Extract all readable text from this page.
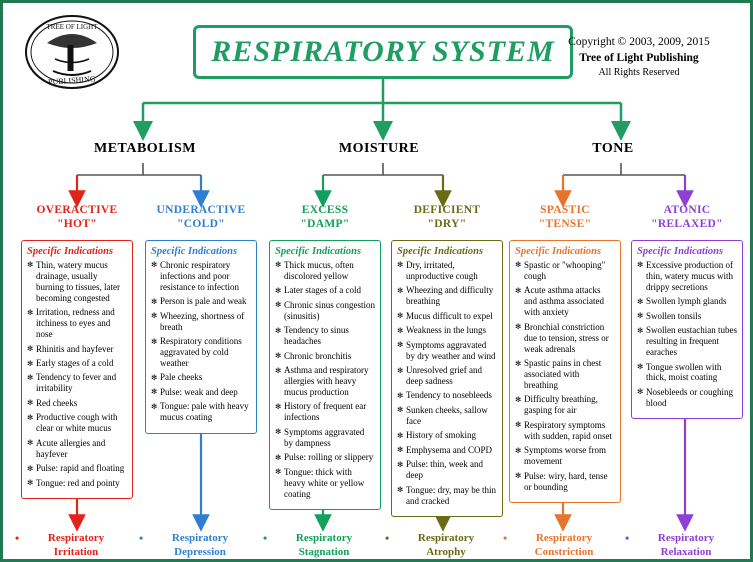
TREE OF LIGHT
PUBLISHING
RESPIRATORY SYSTEM	Copyright © 2003, 2009, 2015
Tree of Light Publishing
All Rights Reserved
METABOLISM	MOISTURE	TONE
OVERACTIVE
"HOT"
Specific Indications
✻ Thin, watery mucus drainage, usually burning to tissues, later becoming congested
✻ Irritation, redness and itchiness to eyes and nose
✻ Rhinitis and hayfever
✻ Early stages of a cold
✻ Tendency to fever and irritability
✻ Red cheeks
✻ Productive cough with clear or white mucus
✻ Acute allergies and hayfever
✻ Pulse: rapid and floating
✻ Tongue: red and pointy
UNDERACTIVE
"COLD"
Specific Indications
✻ Chronic respiratory infections and poor resistance to infection
✻ Person is pale and weak
✻ Wheezing, shortness of breath
✻ Respiratory conditions aggravated by cold weather
✻ Pale cheeks
✻ Pulse: weak and deep
✻ Tongue: pale with heavy mucus coating
EXCESS
"DAMP"
Specific Indications
✻ Thick mucus, often discolored yellow
✻ Later stages of a cold
✻ Chronic sinus congestion (sinusitis)
✻ Tendency to sinus headaches
✻ Chronic bronchitis
✻ Asthma and respiratory allergies with heavy mucus production
✻ History of frequent ear infections
✻ Symptoms aggravated by dampness
✻ Pulse: rolling or slippery
✻ Tongue: thick with heavy white or yellow coating
DEFICIENT
"DRY"
Specific Indications
✻ Dry, irritated, unproductive cough
✻ Wheezing and difficulty breathing
✻ Mucus difficult to expel
✻ Weakness in the lungs
✻ Symptoms aggravated by dry weather and wind
✻ Unresolved grief and deep sadness
✻ Tendency to nosebleeds
✻ Sunken cheeks, sallow face
✻ History of smoking
✻ Emphysema and COPD
✻ Pulse: thin, week and deep
✻ Tongue: dry, may be thin and cracked
SPASTIC
"TENSE"
Specific Indications
✻ Spastic or "whooping" cough
✻ Acute asthma attacks and asthma associated with anxiety
✻ Bronchial constriction due to tension, stress or weak adrenals
✻ Spastic pains in chest associated with breathing
✻ Difficulty breathing, gasping for air
✻ Respiratory symptoms with sudden, rapid onset
✻ Symptoms worse from movement
✻ Pulse: wiry, hard, tense or bounding
ATONIC
"RELAXED"
Specific Indications
✻ Excessive production of thin, watery mucus with drippy secretions
✻ Swollen lymph glands
✻ Swollen tonsils
✻ Swollen eustachian tubes resulting in frequent earaches
✻ Tongue swollen with thick, moist coating
✻ Nosebleeds or coughing blood
•	Respiratory
Irritation
•	Respiratory
Depression
•	Respiratory
Stagnation
•	Respiratory
Atrophy
•	Respiratory
Constriction
•	Respiratory
Relaxation
